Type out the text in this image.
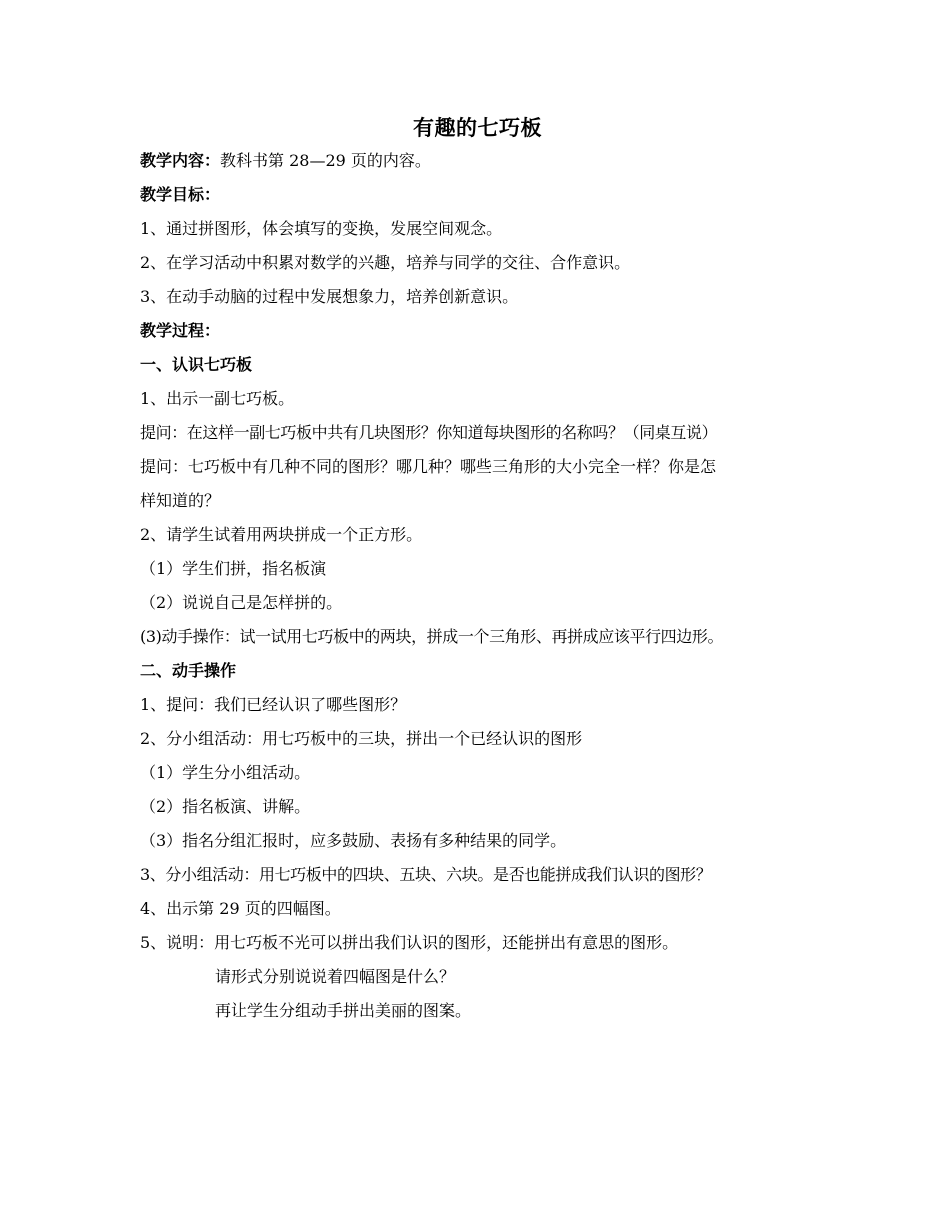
有趣的七巧板

教学内容：教科书第 28—29 页的内容。

教学目标：

1、通过拼图形，体会填写的变换，发展空间观念。

2、在学习活动中积累对数学的兴趣，培养与同学的交往、合作意识。

3、在动手动脑的过程中发展想象力，培养创新意识。

教学过程：

一、认识七巧板

1、出示一副七巧板。

提问：在这样一副七巧板中共有几块图形？你知道每块图形的名称吗？（同桌互说）

提问：七巧板中有几种不同的图形？哪几种？哪些三角形的大小完全一样？你是怎

样知道的？

2、请学生试着用两块拼成一个正方形。

（1）学生们拼，指名板演

（2）说说自己是怎样拼的。

(3)动手操作：试一试用七巧板中的两块，拼成一个三角形、再拼成应该平行四边形。

二、动手操作

1、提问：我们已经认识了哪些图形？

2、分小组活动：用七巧板中的三块，拼出一个已经认识的图形

（1）学生分小组活动。

（2）指名板演、讲解。

（3）指名分组汇报时，应多鼓励、表扬有多种结果的同学。

3、分小组活动：用七巧板中的四块、五块、六块。是否也能拼成我们认识的图形？

4、出示第 29 页的四幅图。

5、说明：用七巧板不光可以拼出我们认识的图形，还能拼出有意思的图形。

请形式分别说说着四幅图是什么？

再让学生分组动手拼出美丽的图案。
